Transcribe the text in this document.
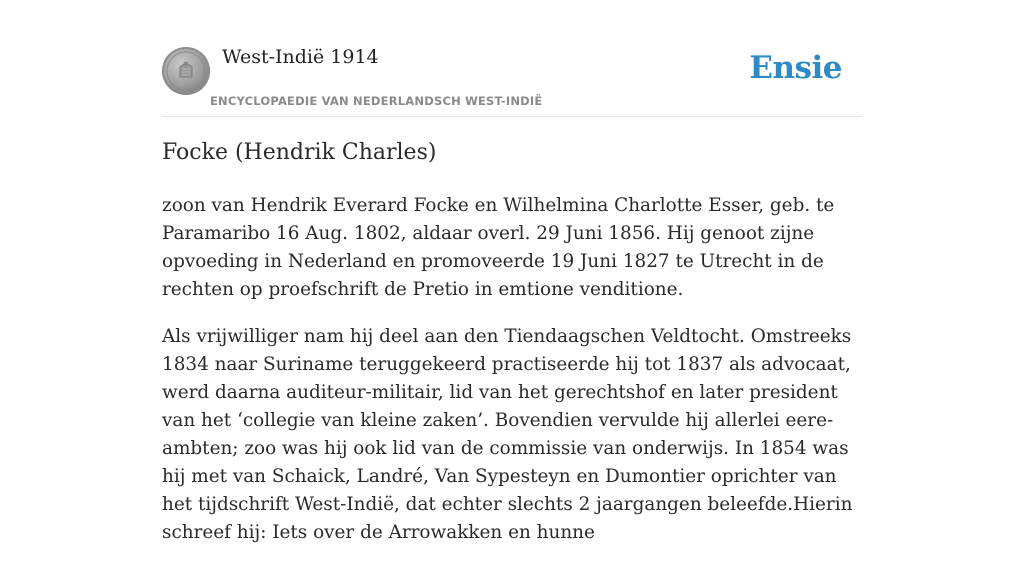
West-Indië 1914
ENCYCLOPAEDIE VAN NEDERLANDSCH WEST-INDIË
Ensie
Focke (Hendrik Charles)

zoon van Hendrik Everard Focke en Wilhelmina Charlotte Esser, geb. te Paramaribo 16 Aug. 1802, aldaar overl. 29 Juni 1856. Hij genoot zijne opvoeding in Nederland en promoveerde 19 Juni 1827 te Utrecht in de rechten op proefschrift de Pretio in emtione venditione.

Als vrijwilliger nam hij deel aan den Tiendaagschen Veldtocht. Omstreeks 1834 naar Suriname teruggekeerd practiseerde hij tot 1837 als advocaat, werd daarna auditeur-militair, lid van het gerechtshof en later president van het ‘collegie van kleine zaken’. Bovendien vervulde hij allerlei eere-ambten; zoo was hij ook lid van de commissie van onderwijs. In 1854 was hij met van Schaick, Landré, Van Sypesteyn en Dumontier oprichter van het tijdschrift West-Indië, dat echter slechts 2 jaargangen beleefde.Hierin schreef hij: Iets over de Arrowakken en hunne
